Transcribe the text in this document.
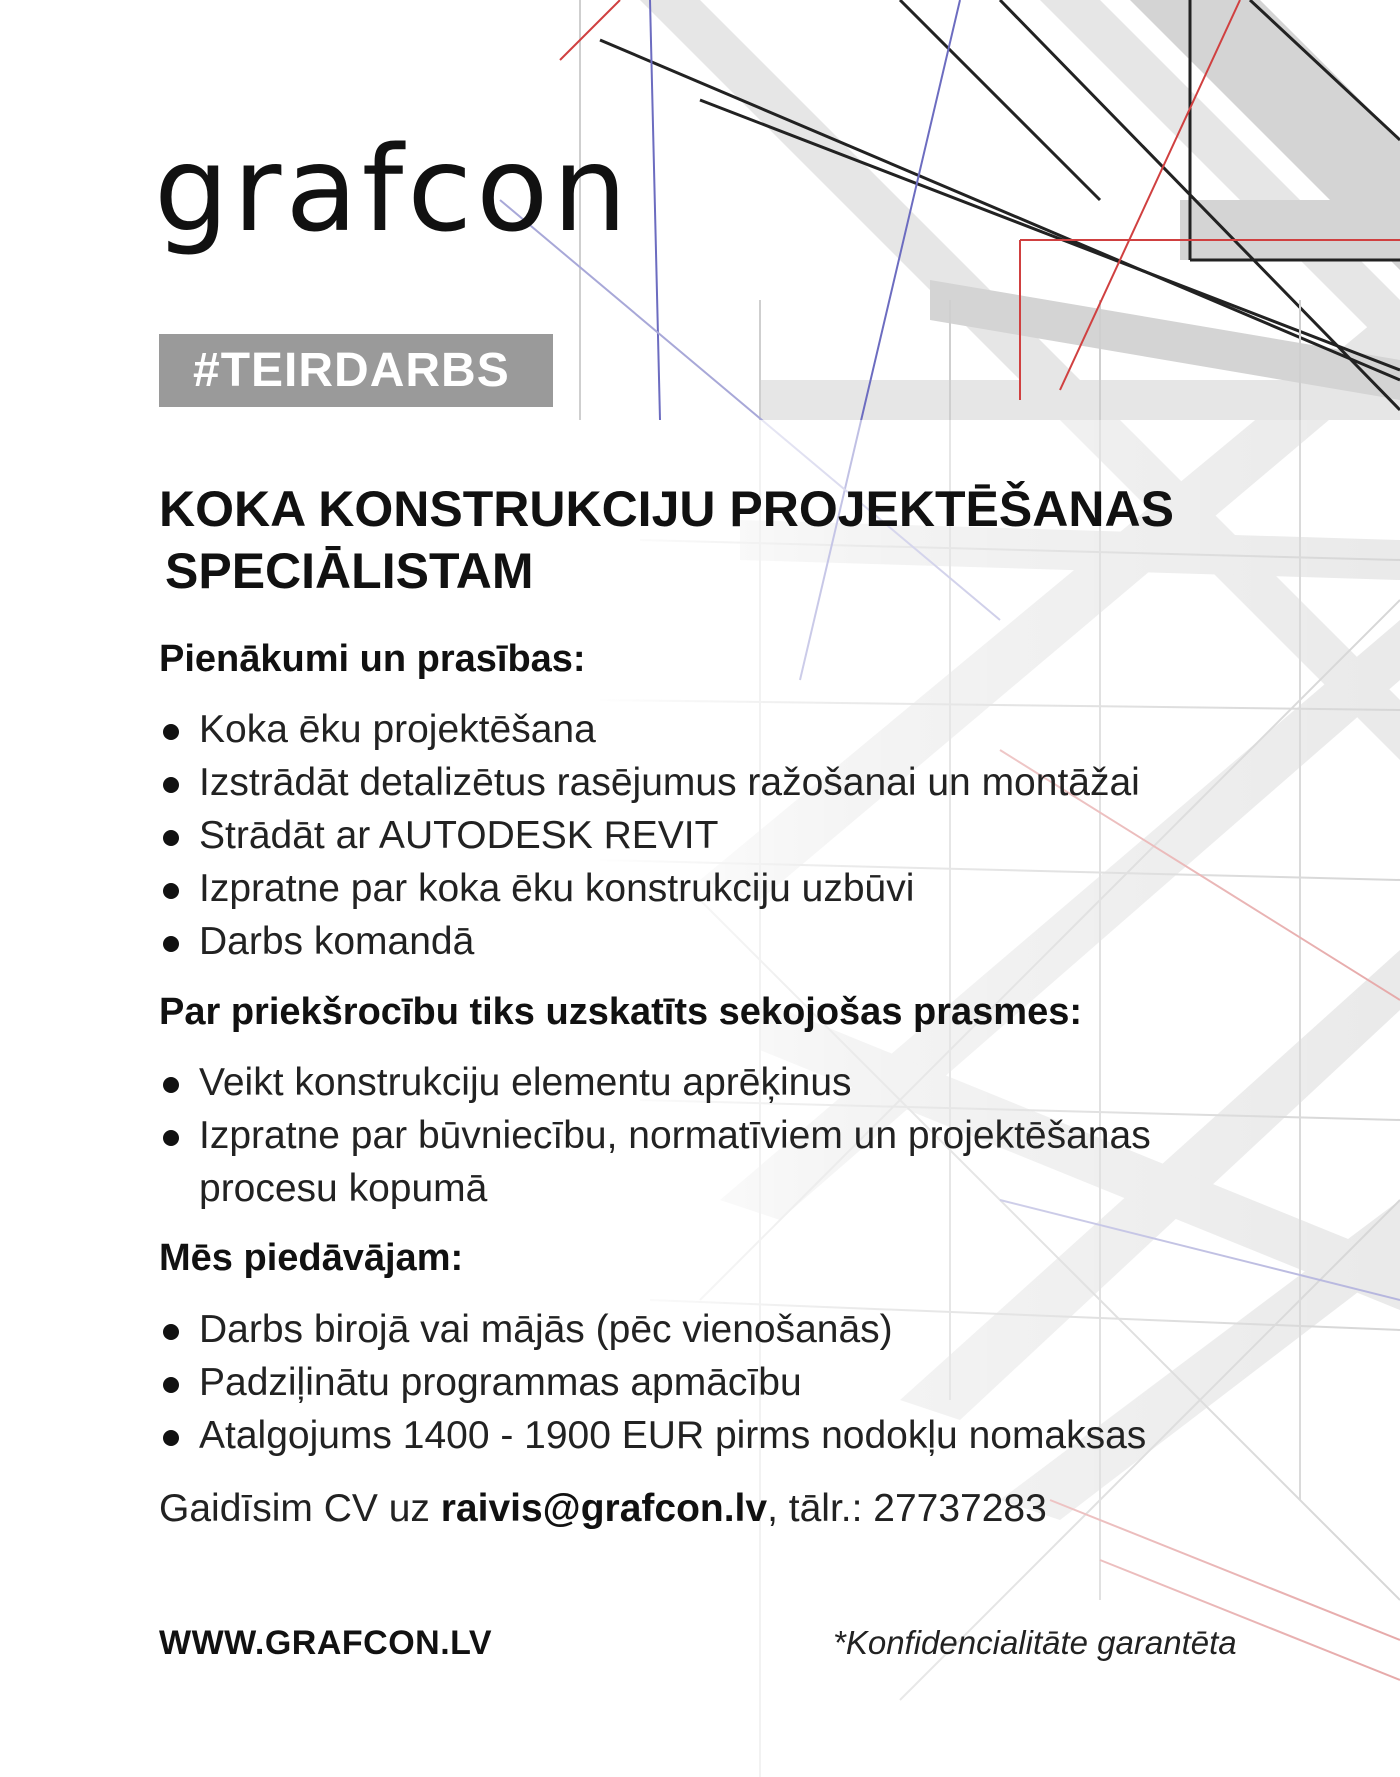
grafcon
#TEIRDARBS
KOKA KONSTRUKCIJU PROJEKTĒŠANAS
SPECIĀLISTAM
Pienākumi un prasības:
Koka ēku projektēšana
Izstrādāt detalizētus rasējumus ražošanai un montāžai
Strādāt ar AUTODESK REVIT
Izpratne par koka ēku konstrukciju uzbūvi
Darbs komandā
Par priekšrocību tiks uzskatīts sekojošas prasmes:
Veikt konstrukciju elementu aprēķinus
Izpratne par būvniecību, normatīviem un projektēšanas procesu kopumā
Mēs piedāvājam:
Darbs birojā vai mājās (pēc vienošanās)
Padziļinātu programmas apmācību
Atalgojums 1400 - 1900 EUR pirms nodokļu nomaksas
Gaidīsim CV uz raivis@grafcon.lv, tālr.: 27737283
WWW.GRAFCON.LV	*Konfidencialitāte garantēta
